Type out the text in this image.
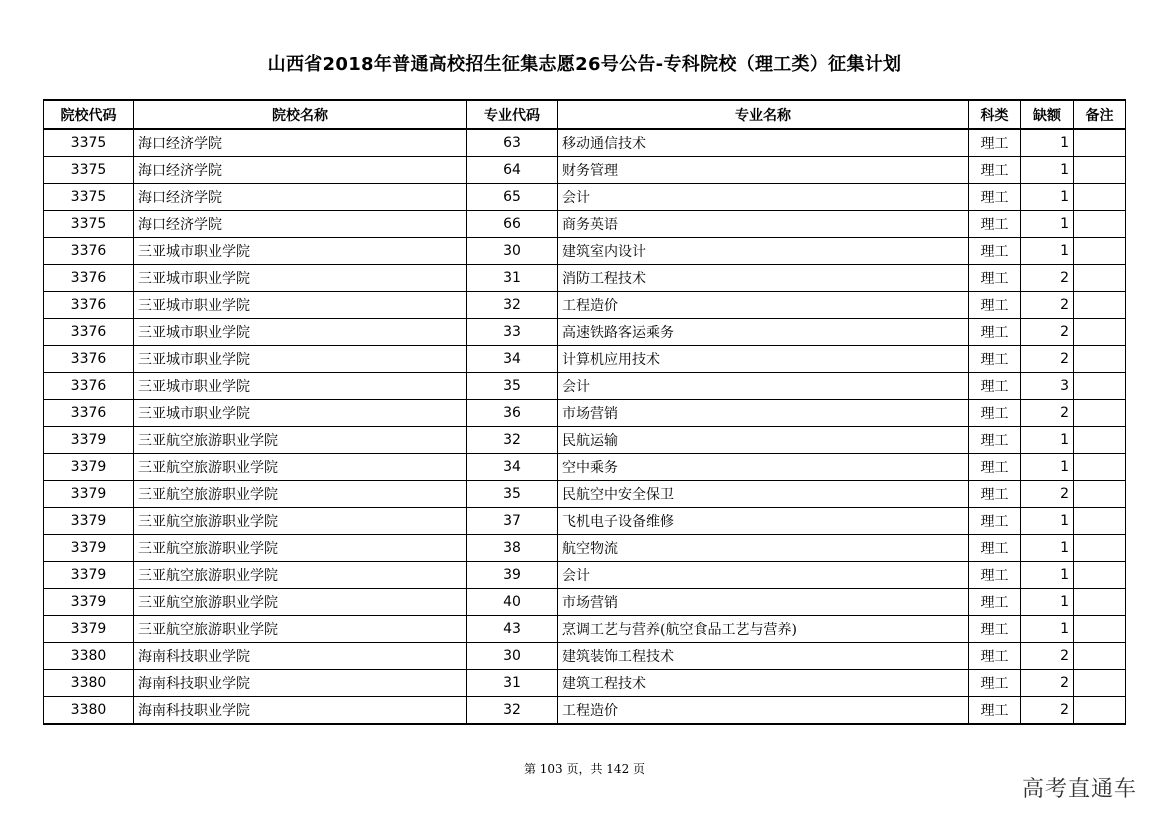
山西省2018年普通高校招生征集志愿26号公告-专科院校（理工类）征集计划
院校代码	院校名称	专业代码	专业名称	科类	缺额	备注
3375	海口经济学院	63	移动通信技术	理工	1	
3375	海口经济学院	64	财务管理	理工	1	
3375	海口经济学院	65	会计	理工	1	
3375	海口经济学院	66	商务英语	理工	1	
3376	三亚城市职业学院	30	建筑室内设计	理工	1	
3376	三亚城市职业学院	31	消防工程技术	理工	2	
3376	三亚城市职业学院	32	工程造价	理工	2	
3376	三亚城市职业学院	33	高速铁路客运乘务	理工	2	
3376	三亚城市职业学院	34	计算机应用技术	理工	2	
3376	三亚城市职业学院	35	会计	理工	3	
3376	三亚城市职业学院	36	市场营销	理工	2	
3379	三亚航空旅游职业学院	32	民航运输	理工	1	
3379	三亚航空旅游职业学院	34	空中乘务	理工	1	
3379	三亚航空旅游职业学院	35	民航空中安全保卫	理工	2	
3379	三亚航空旅游职业学院	37	飞机电子设备维修	理工	1	
3379	三亚航空旅游职业学院	38	航空物流	理工	1	
3379	三亚航空旅游职业学院	39	会计	理工	1	
3379	三亚航空旅游职业学院	40	市场营销	理工	1	
3379	三亚航空旅游职业学院	43	烹调工艺与营养(航空食品工艺与营养)	理工	1	
3380	海南科技职业学院	30	建筑装饰工程技术	理工	2	
3380	海南科技职业学院	31	建筑工程技术	理工	2	
3380	海南科技职业学院	32	工程造价	理工	2	
第 103 页，共 142 页
高考直通车
